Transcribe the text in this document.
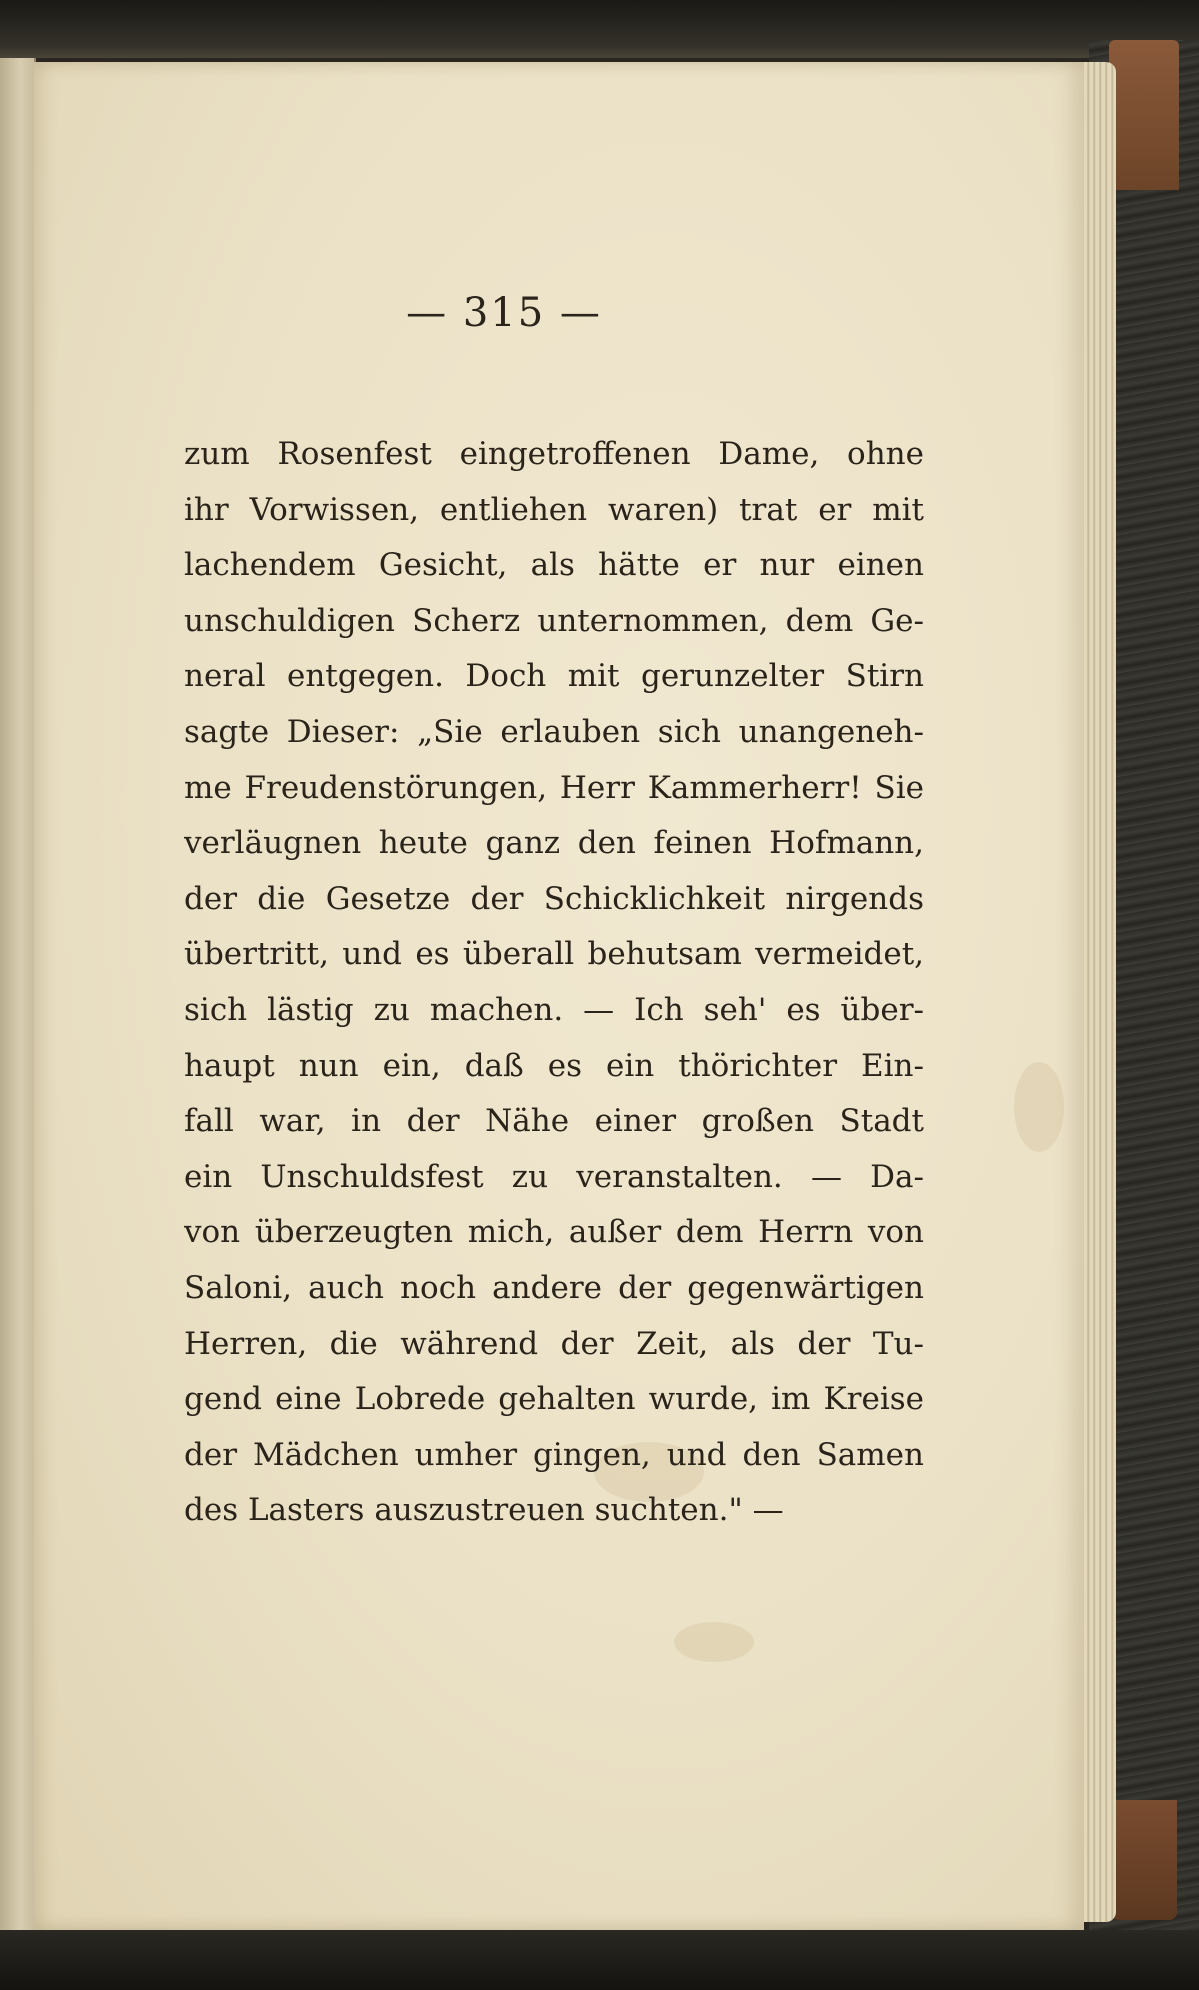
— 315 —
zum Rosenfest eingetroffenen Dame, ohne
ihr Vorwissen, entliehen waren) trat er mit
lachendem Gesicht, als hätte er nur einen
unschuldigen Scherz unternommen, dem Ge-
neral entgegen. Doch mit gerunzelter Stirn
sagte Dieser: „Sie erlauben sich unangeneh-
me Freudenstörungen, Herr Kammerherr! Sie
verläugnen heute ganz den feinen Hofmann,
der die Gesetze der Schicklichkeit nirgends
übertritt, und es überall behutsam vermeidet,
sich lästig zu machen. — Ich seh' es über-
haupt nun ein, daß es ein thörichter Ein-
fall war, in der Nähe einer großen Stadt
ein Unschuldsfest zu veranstalten. — Da-
von überzeugten mich, außer dem Herrn von
Saloni, auch noch andere der gegenwärtigen
Herren, die während der Zeit, als der Tu-
gend eine Lobrede gehalten wurde, im Kreise
der Mädchen umher gingen, und den Samen
des Lasters auszustreuen suchten." —
